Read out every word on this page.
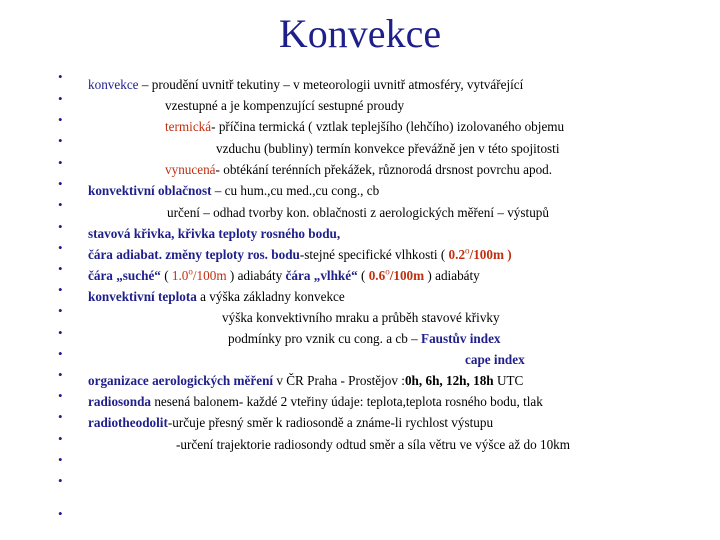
Konvekce
•
•
•
•
•
•
•
•
•
•
•
•
•
•
•
•
•
•
•
•
•
konvekce – proudění uvnitř tekutiny – v meteorologii uvnitř atmosféry, vytvářející
vzestupné a je kompenzující sestupné proudy
termická- příčina termická ( vztlak teplejšího (lehčího) izolovaného objemu
vzduchu (bubliny) termín konvekce převážně jen v této spojitosti
vynucená- obtékání terénních překážek, různorodá drsnost povrchu apod.
konvektivní oblačnost – cu hum.,cu med.,cu cong., cb
určení – odhad tvorby kon. oblačnosti z aerologických měření – výstupů
stavová křivka, křivka teploty rosného bodu,
čára adiabat. změny teploty ros. bodu-stejné specifické vlhkosti ( 0.2$^o$/100m )
čára „suché“ ( 1.0$^o$/100m ) adiabáty čára „vlhké“ ( 0.6$^o$/100m ) adiabáty
konvektivní teplota a výška základny konvekce
výška konvektivního mraku a průběh stavové křivky
podmínky pro vznik cu cong. a cb – Faustův index
cape index
organizace aerologických měření v ČR Praha - Prostějov :0h, 6h, 12h, 18h UTC
radiosonda nesená balonem- každé 2 vteřiny údaje: teplota,teplota rosného bodu, tlak
radiotheodolit-určuje přesný směr k radiosondě a známe-li rychlost výstupu
-určení trajektorie radiosondy odtud směr a síla větru ve výšce až do 10km
